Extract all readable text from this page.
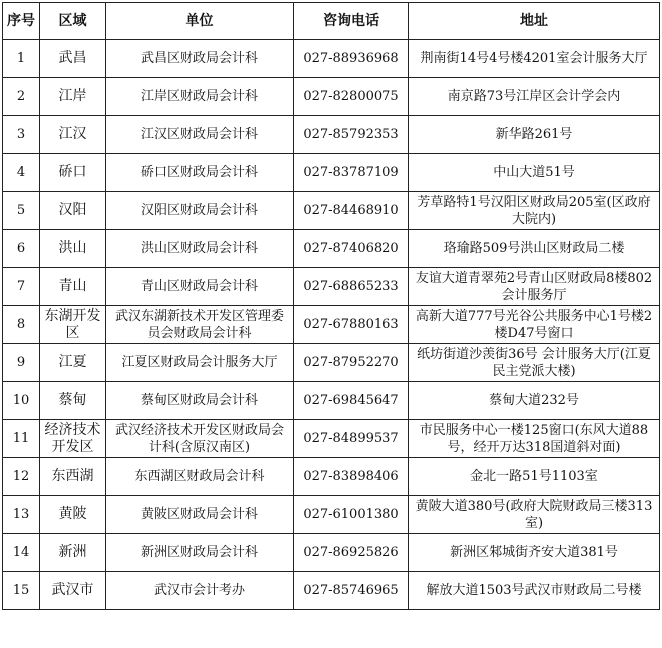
序号	区域	单位	咨询电话	地址
1	武昌	武昌区财政局会计科	027-88936968	荆南街14号4号楼4201室会计服务大厅
2	江岸	江岸区财政局会计科	027-82800075	南京路73号江岸区会计学会内
3	江汉	江汉区财政局会计科	027-85792353	新华路261号
4	硚口	硚口区财政局会计科	027-83787109	中山大道51号
5	汉阳	汉阳区财政局会计科	027-84468910	芳草路特1号汉阳区财政局205室(区政府大院内)
6	洪山	洪山区财政局会计科	027-87406820	珞瑜路509号洪山区财政局二楼
7	青山	青山区财政局会计科	027-68865233	友谊大道青翠苑2号青山区财政局8楼802会计服务厅
8	东湖开发区	武汉东湖新技术开发区管理委员会财政局会计科	027-67880163	高新大道777号光谷公共服务中心1号楼2楼D47号窗口
9	江夏	江夏区财政局会计服务大厅	027-87952270	纸坊街道沙羡街36号 会计服务大厅(江夏民主党派大楼)
10	蔡甸	蔡甸区财政局会计科	027-69845647	蔡甸大道232号
11	经济技术开发区	武汉经济技术开发区财政局会计科(含原汉南区)	027-84899537	市民服务中心一楼125窗口(东风大道88号，经开万达318国道斜对面)
12	东西湖	东西湖区财政局会计科	027-83898406	金北一路51号1103室
13	黄陂	黄陂区财政局会计科	027-61001380	黄陂大道380号(政府大院财政局三楼313室)
14	新洲	新洲区财政局会计科	027-86925826	新洲区邾城街齐安大道381号
15	武汉市	武汉市会计考办	027-85746965	解放大道1503号武汉市财政局二号楼
